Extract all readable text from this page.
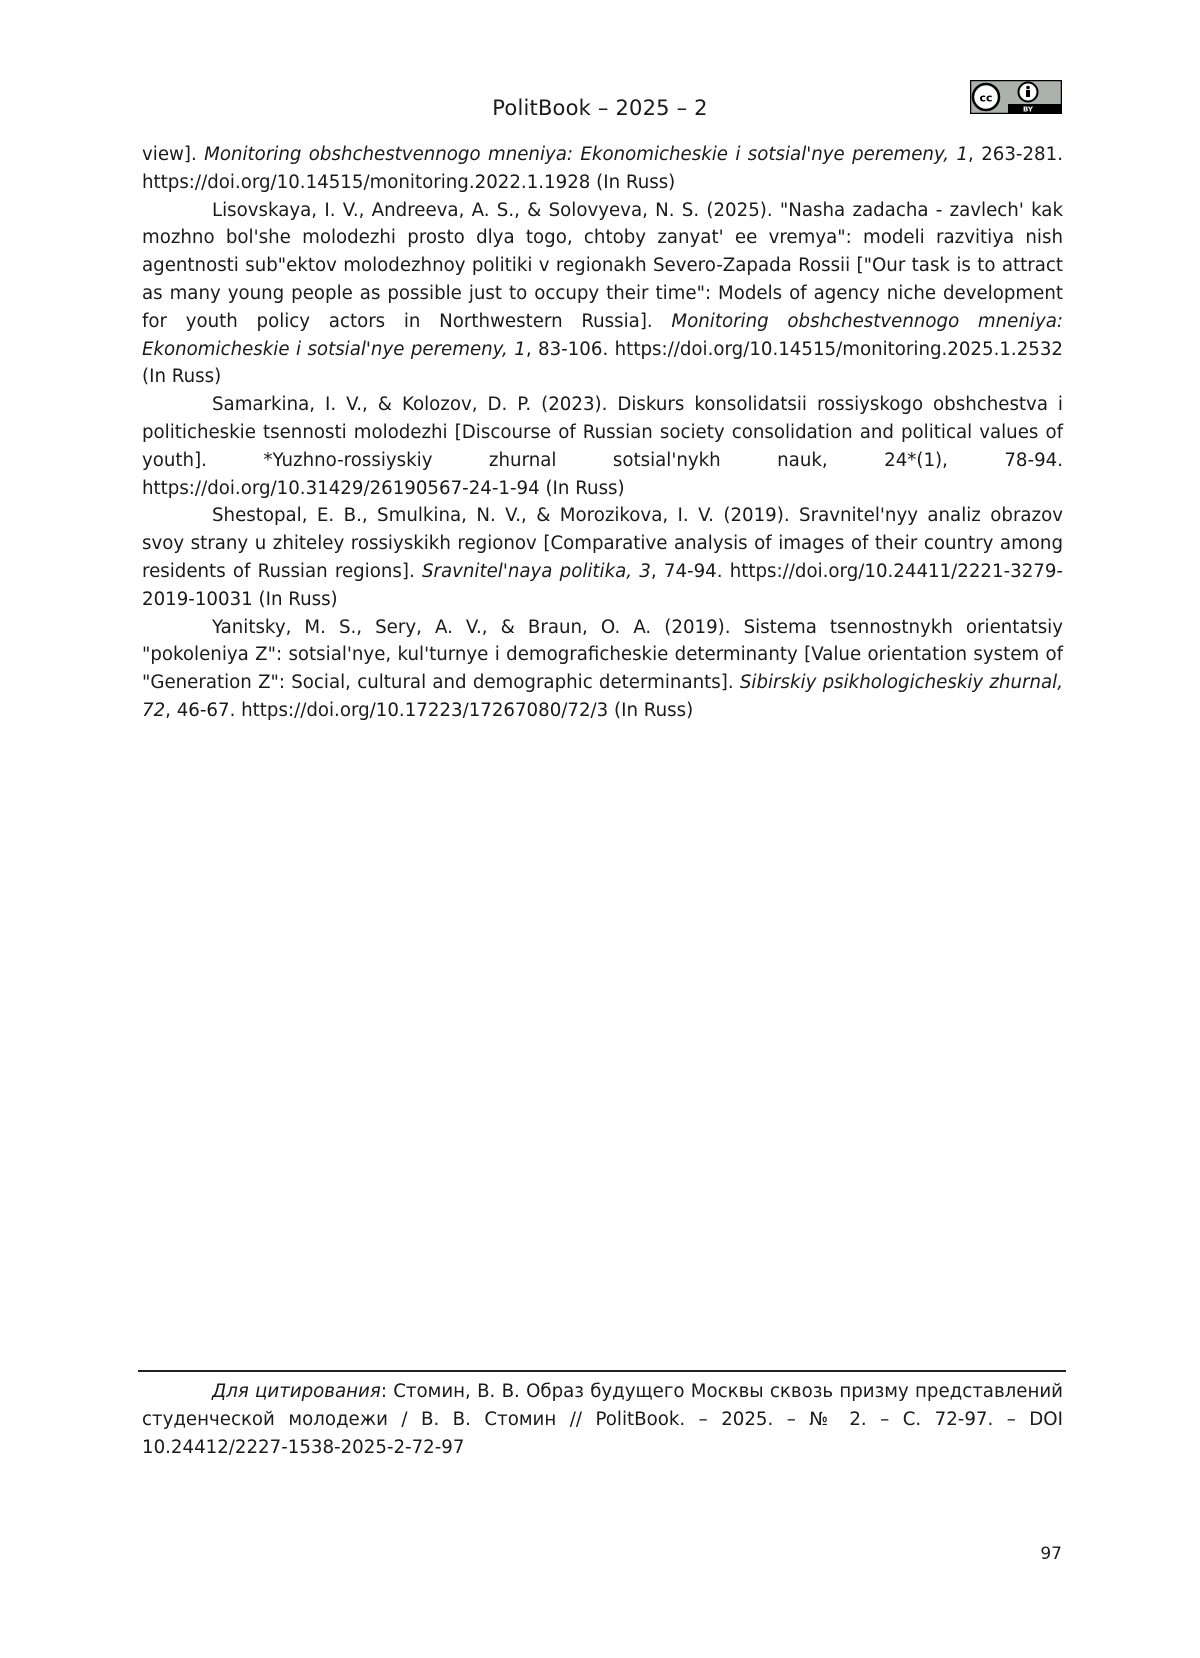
PolitBook – 2025 – 2	cc
BY

view]. Monitoring obshchestvennogo mneniya: Ekonomicheskie i sotsial'nye peremeny, 1, 263-281. https://doi.org/10.14515/monitoring.2022.1.1928 (In Russ)

Lisovskaya, I. V., Andreeva, A. S., & Solovyeva, N. S. (2025). "Nasha zadacha - zavlech' kak mozhno bol'she molodezhi prosto dlya togo, chtoby zanyat' ee vremya": modeli razvitiya nish agentnosti sub"ektov molodezhnoy politiki v regionakh Severo-Zapada Rossii ["Our task is to attract as many young people as possible just to occupy their time": Models of agency niche development for youth policy actors in Northwestern Russia]. Monitoring obshchestvennogo mneniya: Ekonomicheskie i sotsial'nye peremeny, 1, 83-106. https://doi.org/10.14515/monitoring.2025.1.2532 (In Russ)

Samarkina, I. V., & Kolozov, D. P. (2023). Diskurs konsolidatsii rossiyskogo obshchestva i politicheskie tsennosti molodezhi [Discourse of Russian society consolidation and political values of youth]. *Yuzhno-rossiyskiy zhurnal sotsial'nykh nauk, 24*(1), 78-94. https://doi.org/10.31429/26190567-24-1-94 (In Russ)

Shestopal, E. B., Smulkina, N. V., & Morozikova, I. V. (2019). Sravnitel'nyy analiz obrazov svoy strany u zhiteley rossiyskikh regionov [Comparative analysis of images of their country among residents of Russian regions]. Sravnitel'naya politika, 3, 74-94. https://doi.org/10.24411/2221-3279-2019-10031 (In Russ)

Yanitsky, M. S., Sery, A. V., & Braun, O. A. (2019). Sistema tsennostnykh orientatsiy "pokoleniya Z": sotsial'nye, kul'turnye i demograficheskie determinanty [Value orientation system of "Generation Z": Social, cultural and demographic determinants]. Sibirskiy psikhologicheskiy zhurnal, 72, 46-67. https://doi.org/10.17223/17267080/72/3 (In Russ)

Для цитирования: Стомин, В. В. Образ будущего Москвы сквозь призму представлений студенческой молодежи / В. В. Стомин // PolitBook. – 2025. – № 2. – С. 72-97. – DOI 10.24412/2227-1538-2025-2-72-97

97
